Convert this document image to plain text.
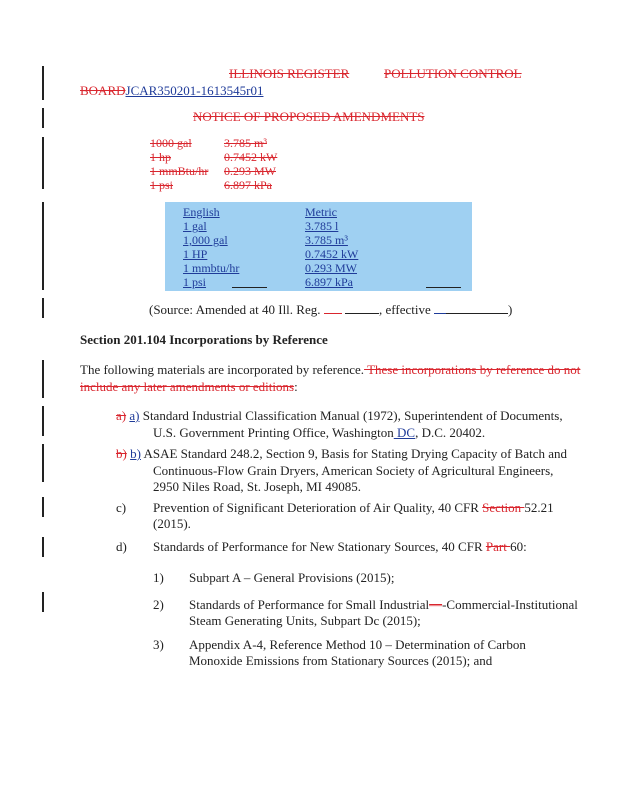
ILLINOIS REGISTER	POLLUTION CONTROL
BOARDJCAR350201-1613545r01
NOTICE OF PROPOSED AMENDMENTS
1000 gal	3.785 m³
1 hp	0.7452 kW
1 mmBtu/hr 0.293 MW
1 psi	6.897 kPa
English	Metric
1 gal	3.785 l
1,000 gal	3.785 m³
1 HP	0.7452 kW
1 mmbtu/hr	0.293 MW
1 psi	6.897 kPa
(Source: Amended at 40 Ill. Reg.	, effective	)
Section 201.104 Incorporations by Reference
The following materials are incorporated by reference. These incorporations by reference do not
include any later amendments or editions:
a) a) Standard Industrial Classification Manual (1972), Superintendent of Documents,
U.S. Government Printing Office, Washington DC, D.C. 20402.
b) b) ASAE Standard 248.2, Section 9, Basis for Stating Drying Capacity of Batch and
Continuous-Flow Grain Dryers, American Society of Agricultural Engineers,
2950 Niles Road, St. Joseph, MI 49085.
c) Prevention of Significant Deterioration of Air Quality, 40 CFR Section 52.21
(2015).
d) Standards of Performance for New Stationary Sources, 40 CFR Part 60:
1) Subpart A – General Provisions (2015);
2) Standards of Performance for Small Industrial—-Commercial-Institutional
Steam Generating Units, Subpart Dc (2015);
3) Appendix A-4, Reference Method 10 – Determination of Carbon
Monoxide Emissions from Stationary Sources (2015); and
